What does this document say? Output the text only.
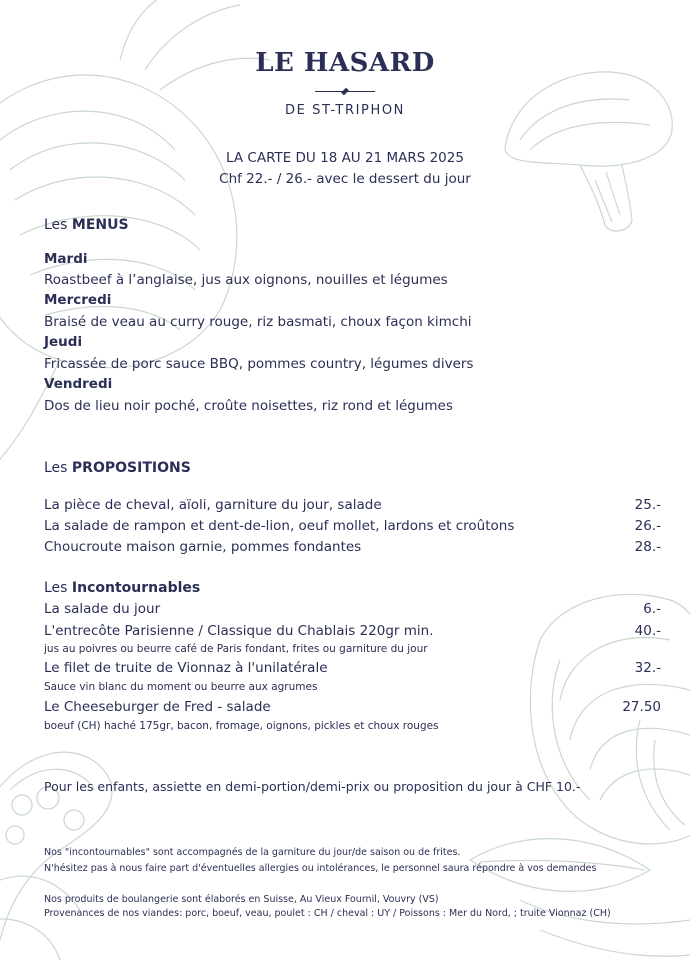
LE HASARD
DE ST-TRIPHON
LA CARTE DU 18 AU 21 MARS 2025
Chf 22.- / 26.- avec le dessert du jour
Les MENUS
Mardi
Roastbeef à l’anglaise, jus aux oignons, nouilles et légumes
Mercredi
Braisé de veau au curry rouge, riz basmati, choux façon kimchi
Jeudi
Fricassée de porc sauce BBQ, pommes country, légumes divers
Vendredi
Dos de lieu noir poché, croûte noisettes, riz rond et légumes
Les PROPOSITIONS
La pièce de cheval, aïoli, garniture du jour, salade	25.-
La salade de rampon et dent-de-lion, oeuf mollet, lardons et croûtons	26.-
Choucroute maison garnie, pommes fondantes	28.-
Les Incontournables
La salade du jour	6.-
L'entrecôte Parisienne / Classique du Chablais 220gr min.	40.-
jus au poivres ou beurre café de Paris fondant, frites ou garniture du jour
Le filet de truite de Vionnaz à l'unilatérale	32.-
Sauce vin blanc du moment ou beurre aux agrumes
Le Cheeseburger de Fred - salade	27.50
boeuf (CH) haché 175gr, bacon, fromage, oignons, pickles et choux rouges
Pour les enfants, assiette en demi-portion/demi-prix ou proposition du jour à CHF 10.-
Nos "incontournables" sont accompagnés de la garniture du jour/de saison ou de frites.
N'hésitez pas à nous faire part d'éventuelles allergies ou intolérances, le personnel saura répondre à vos demandes
Nos produits de boulangerie sont élaborés en Suisse, Au Vieux Fournil, Vouvry (VS)
Provenances de nos viandes: porc, boeuf, veau, poulet : CH / cheval : UY / Poissons : Mer du Nord, ; truite Vionnaz (CH)
